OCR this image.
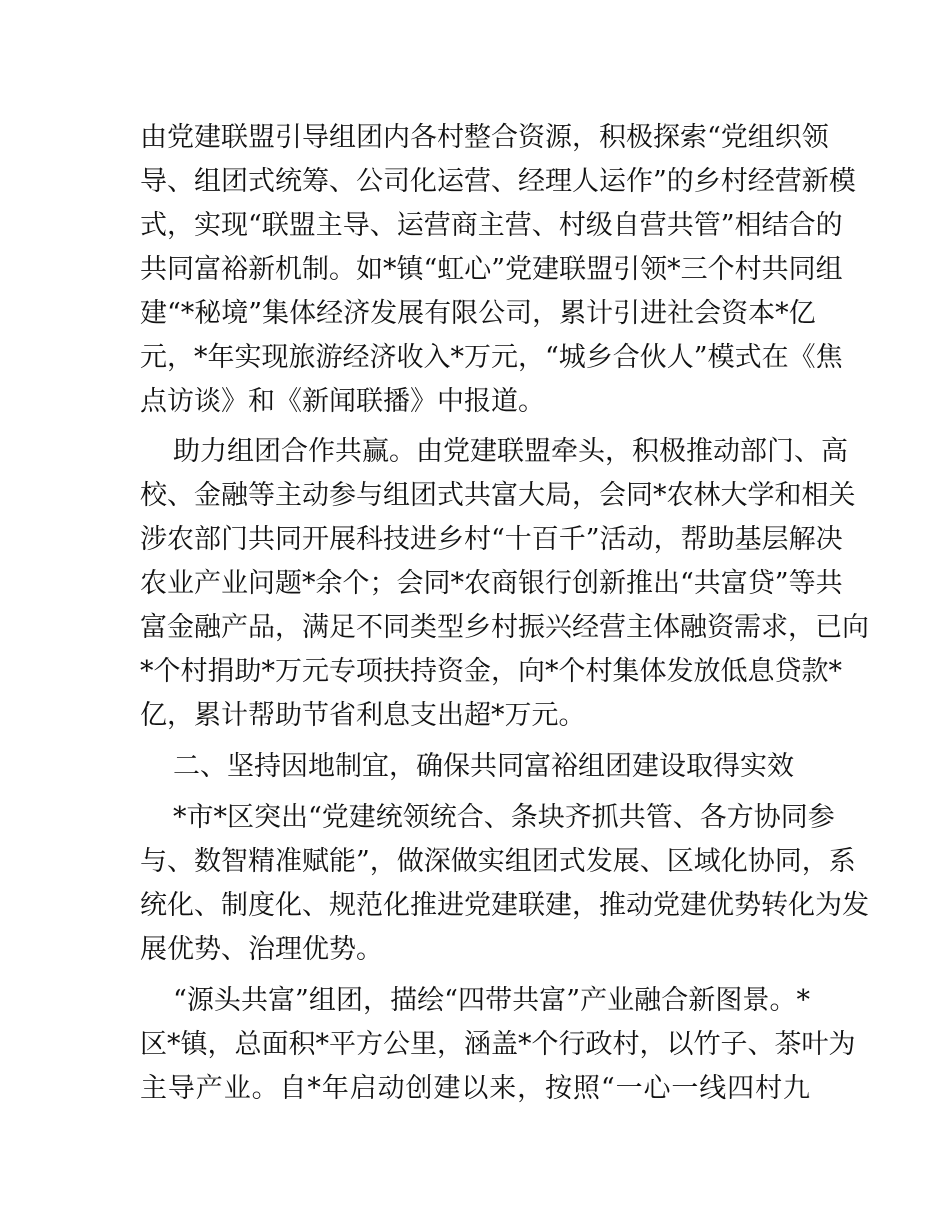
由党建联盟引导组团内各村整合资源，积极探索“党组织领
导、组团式统筹、公司化运营、经理人运作”的乡村经营新模
式，实现“联盟主导、运营商主营、村级自营共管”相结合的
共同富裕新机制。如*镇“虹心”党建联盟引领*三个村共同组
建“*秘境”集体经济发展有限公司，累计引进社会资本*亿
元，*年实现旅游经济收入*万元，“城乡合伙人”模式在《焦
点访谈》和《新闻联播》中报道。
助力组团合作共赢。由党建联盟牵头，积极推动部门、高
校、金融等主动参与组团式共富大局，会同*农林大学和相关
涉农部门共同开展科技进乡村“十百千”活动，帮助基层解决
农业产业问题*余个；会同*农商银行创新推出“共富贷”等共
富金融产品，满足不同类型乡村振兴经营主体融资需求，已向
*个村捐助*万元专项扶持资金，向*个村集体发放低息贷款*
亿，累计帮助节省利息支出超*万元。
二、坚持因地制宜，确保共同富裕组团建设取得实效
*市*区突出“党建统领统合、条块齐抓共管、各方协同参
与、数智精准赋能”，做深做实组团式发展、区域化协同，系
统化、制度化、规范化推进党建联建，推动党建优势转化为发
展优势、治理优势。
“源头共富”组团，描绘“四带共富”产业融合新图景。*
区*镇，总面积*平方公里，涵盖*个行政村，以竹子、茶叶为
主导产业。自*年启动创建以来，按照“一心一线四村九
